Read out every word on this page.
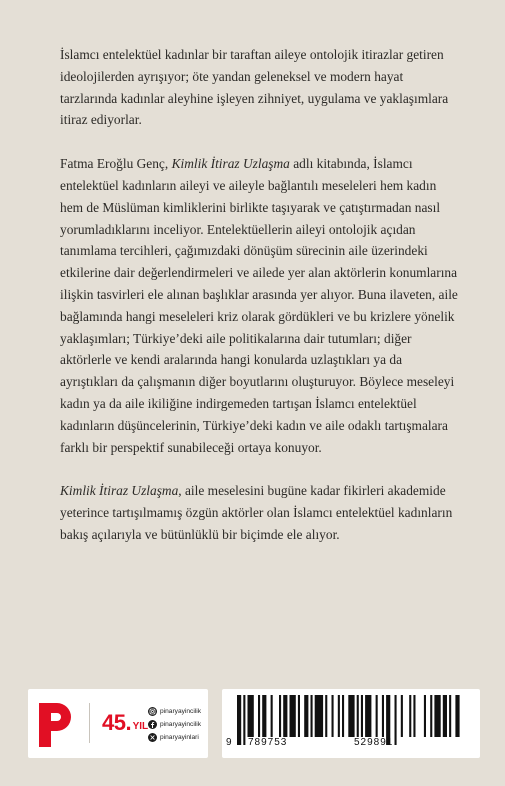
İslamcı entelektüel kadınlar bir taraftan aileye ontolojik itirazlar getiren ideolojilerden ayrışıyor; öte yandan geleneksel ve modern hayat tarzlarında kadınlar aleyhine işleyen zihniyet, uygulama ve yaklaşımlara itiraz ediyorlar.

Fatma Eroğlu Genç, Kimlik İtiraz Uzlaşma adlı kitabında, İslamcı entelektüel kadınların aileyi ve aileyle bağlantılı meseleleri hem kadın hem de Müslüman kimliklerini birlikte taşıyarak ve çatıştırmadan nasıl yorumladıklarını inceliyor. Entelektüellerin aileyi ontolojik açıdan tanımlama tercihleri, çağımızdaki dönüşüm sürecinin aile üzerindeki etkilerine dair değerlendirmeleri ve ailede yer alan aktörlerin konumlarına ilişkin tasvirleri ele alınan başlıklar arasında yer alıyor. Buna ilaveten, aile bağlamında hangi meseleleri kriz olarak gördükleri ve bu krizlere yönelik yaklaşımları; Türkiye’deki aile politikalarına dair tutumları; diğer aktörlerle ve kendi aralarında hangi konularda uzlaştıkları ya da ayrıştıkları da çalışmanın diğer boyutlarını oluşturuyor. Böylece meseleyi kadın ya da aile ikiliğine indirgemeden tartışan İslamcı entelektüel kadınların düşüncelerinin, Türkiye’deki kadın ve aile odaklı tartışmalara farklı bir perspektif sunabileceği ortaya konuyor.

Kimlik İtiraz Uzlaşma, aile meselesini bugüne kadar fikirleri akademide yeterince tartışılmamış özgün aktörler olan İslamcı entelektüel kadınların bakış açılarıyla ve bütünlüklü bir biçimde ele alıyor.

45.YIL
pinaryayincilik
pinaryayincilik
pinaryayinlari	9 789753	529891
